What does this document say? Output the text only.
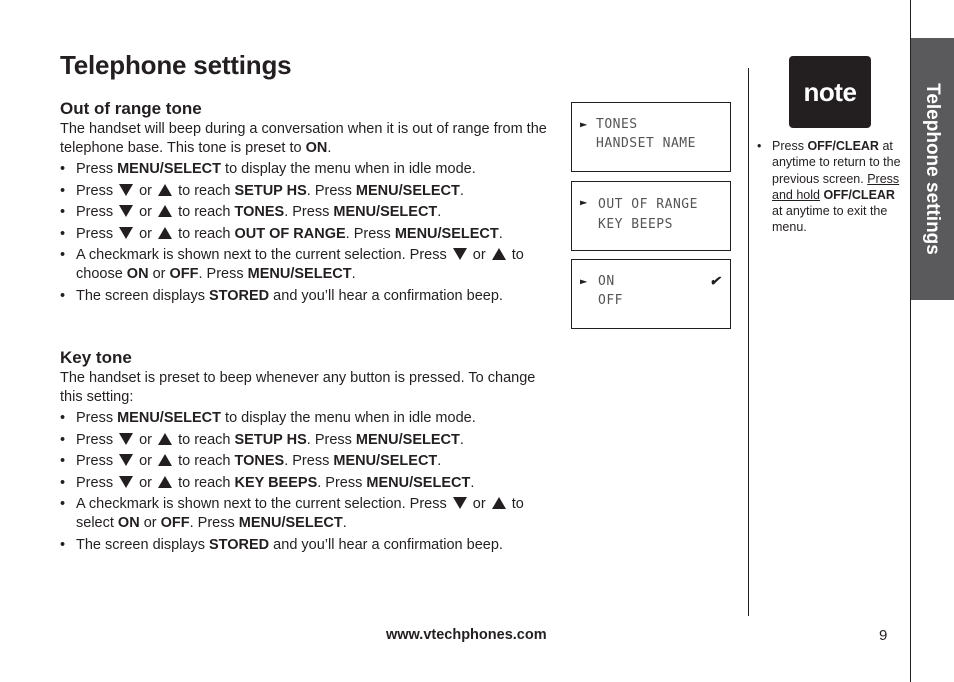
Telephone settings
Out of range tone

The handset will beep during a conversation when it is out of range from the telephone base. This tone is preset to ON.

• Press MENU/SELECT to display the menu when in idle mode.
• Press  or  to reach SETUP HS. Press MENU/SELECT.
• Press  or  to reach TONES. Press MENU/SELECT.
• Press  or  to reach OUT OF RANGE. Press MENU/SELECT.
• A checkmark is shown next to the current selection. Press  or  to choose ON or OFF. Press MENU/SELECT.
• The screen displays STORED and you’ll hear a confirmation beep.
Key tone

The handset is preset to beep whenever any button is pressed. To change this setting:

• Press MENU/SELECT to display the menu when in idle mode.
• Press  or  to reach SETUP HS. Press MENU/SELECT.
• Press  or  to reach TONES. Press MENU/SELECT.
• Press  or  to reach KEY BEEPS. Press MENU/SELECT.
• A checkmark is shown next to the current selection. Press  or  to select ON or OFF. Press MENU/SELECT.
• The screen displays STORED and you’ll hear a confirmation beep.
► TONES
HANDSET NAME
► OUT OF RANGE
KEY BEEPS
► ON
OFF
✔
note
• Press OFF/CLEAR at anytime to return to the previous screen. Press and hold OFF/CLEAR at anytime to exit the menu.	Telephone settings
www.vtechphones.com	9
